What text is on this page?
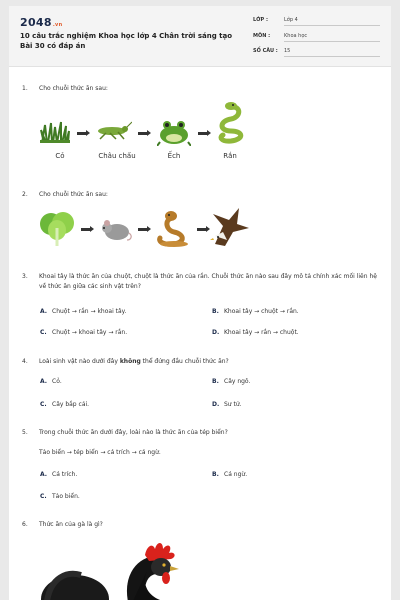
2048.vn
10 câu trắc nghiệm Khoa học lớp 4 Chân trời sáng tạo Bài 30 có đáp án
LỚP :	Lớp 4
MÔN :	Khoa học
SỐ CÂU : 15
1. Cho chuỗi thức ăn sau:
Cỏ	Châu chấu	Ếch	Rắn
2. Cho chuỗi thức ăn sau:
3. Khoai tây là thức ăn của chuột, chuột là thức ăn của rắn. Chuỗi thức ăn nào sau đây mô tả chính xác mối liên hệ về thức ăn giữa các sinh vật trên?
A. Chuột → rắn → khoai tây.	B. Khoai tây → chuột → rắn.
C. Chuột → khoai tây → rắn.	D. Khoai tây → rắn → chuột.
4. Loài sinh vật nào dưới đây không thể đứng đầu chuỗi thức ăn?
A. Cỏ.	B. Cây ngô.
C. Cây bắp cải.	D. Sư tử.
5. Trong chuỗi thức ăn dưới đây, loài nào là thức ăn của tép biển?
Tảo biển → tép biển → cá trích → cá ngừ.
A. Cá trích.	B. Cá ngừ.
C. Tảo biển.
6. Thức ăn của gà là gì?
